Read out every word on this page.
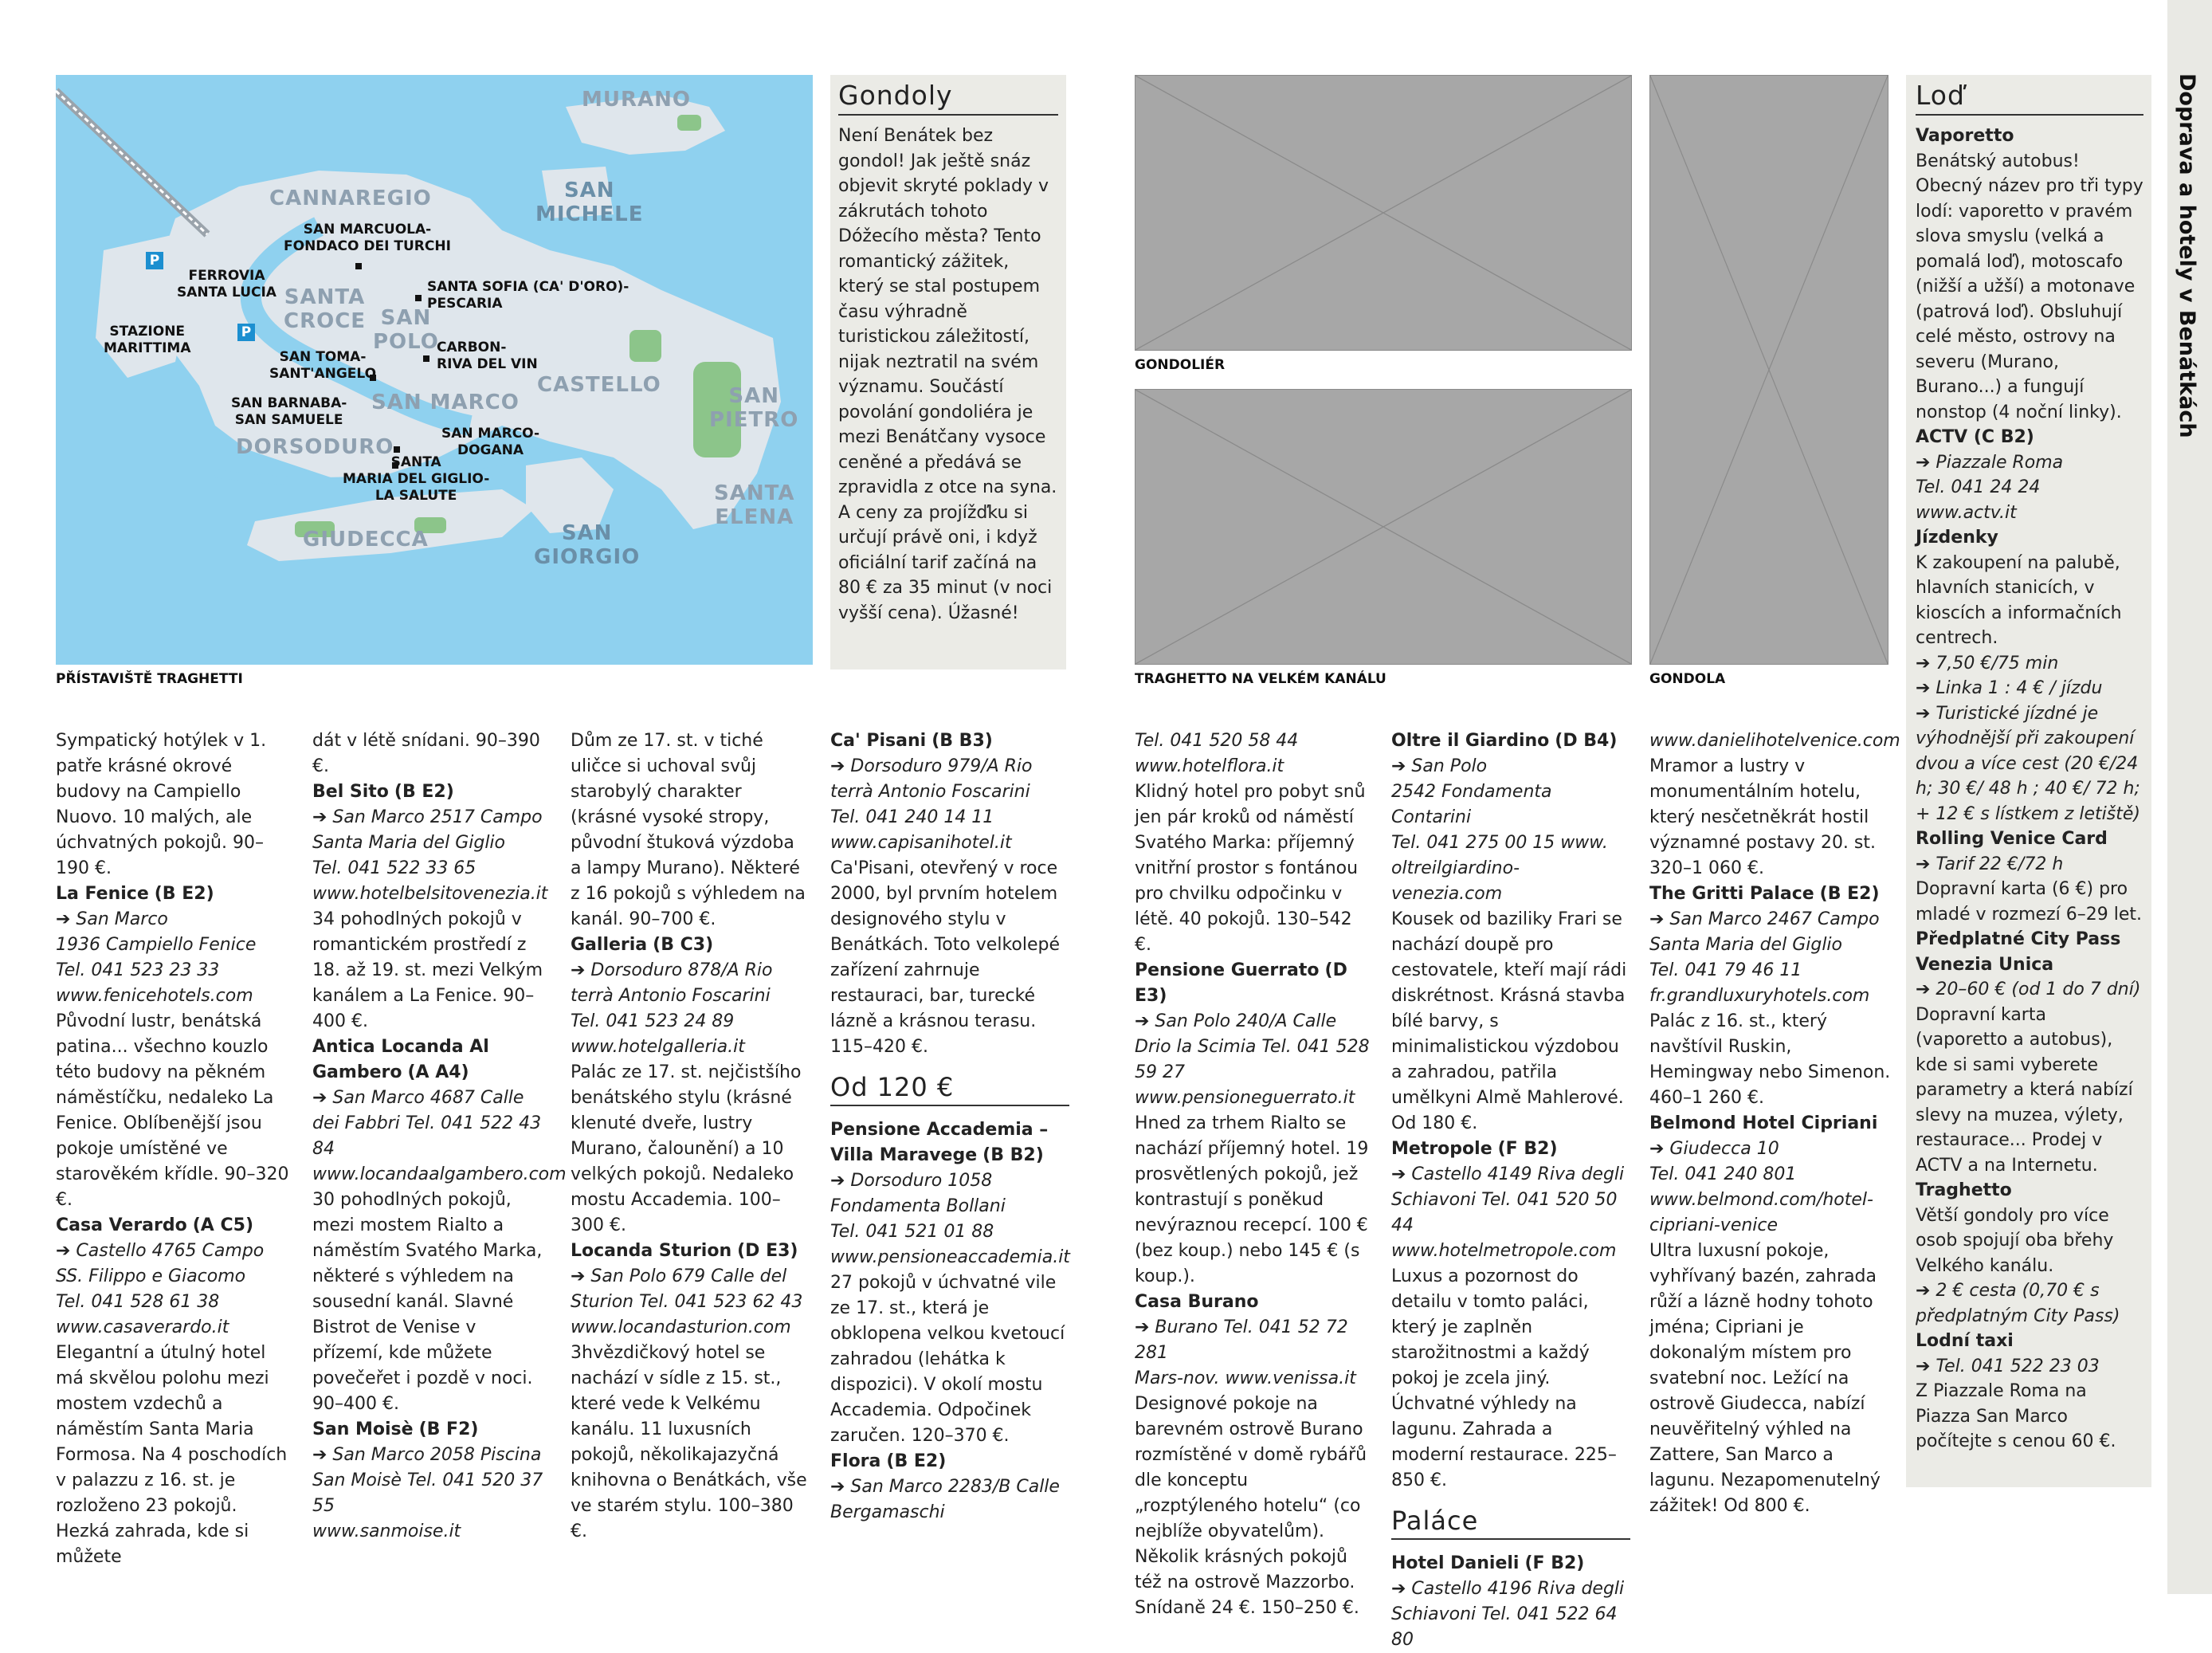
P
P
MURANO
CANNAREGIO	SAN
MICHELE
SANTA
CROCE SAN
POLO
CASTELLO	SAN
PIETRO
SAN MARCO
DORSODURO
SANTA
ELENA
GIUDECCA	SAN
GIORGIO
SAN MARCUOLA-
FONDACO DEI TURCHI
FERROVIA
SANTA LUCIA	SANTA SOFIA (CA' D'ORO)-
PESCARIA
STAZIONE
MARITTIMA	CARBON-
RIVA DEL VIN
SAN TOMA-
SANT'ANGELO
SAN BARNABA-
SAN SAMUELE
SAN MARCO-
DOGANA
SANTA
MARIA DEL GIGLIO-
LA SALUTE
PŘÍSTAVIŠTĚ TRAGHETTI
Gondoly
Není Benátek bez gondol! Jak ještě snáz objevit skryté poklady v zákrutách tohoto Dóžecího města? Tento romantický zážitek, který se stal postupem času výhradně turistickou záležitostí, nijak neztratil na svém významu. Součástí povolání gondoliéra je mezi Benátčany vysoce ceněné a předává se zpravidla z otce na syna. A ceny za projížďku si určují právě oni, i když oficiální tarif začíná na 80 € za 35 minut (v noci vyšší cena). Úžasné!
GONDOLIÉR
TRAGHETTO NA VELKÉM KANÁLU	GONDOLA
Loď
Vaporetto
Benátský autobus! Obecný název pro tři typy lodí: vaporetto v pravém slova smyslu (velká a pomalá loď), motoscafo (nižší a užší) a motonave (patrová loď). Obsluhují celé město, ostrovy na severu (Murano, Burano...) a fungují nonstop (4 noční linky).
ACTV (C B2)
➔ Piazzale Roma
Tel. 041 24 24 www.actv.it
Jízdenky
K zakoupení na palubě, hlavních stanicích, v kioscích a informačních centrech.
➔ 7,50 €/75 min
➔ Linka 1 : 4 € / jízdu
➔ Turistické jízdné je výhodnější při zakoupení dvou a více cest (20 €/24 h; 30 €/ 48 h ; 40 €/ 72 h; + 12 € s lístkem z letiště)
Rolling Venice Card
➔ Tarif 22 €/72 h
Dopravní karta (6 €) pro mladé v rozmezí 6–29 let.
Předplatné City Pass Venezia Unica
➔ 20–60 € (od 1 do 7 dní)
Dopravní karta (vaporetto a autobus), kde si sami vyberete parametry a která nabízí slevy na muzea, výlety, restaurace... Prodej v ACTV a na Internetu.
Traghetto
Větší gondoly pro více osob spojují oba břehy Velkého kanálu.
➔ 2 € cesta (0,70 € s předplatným City Pass)
Lodní taxi
➔ Tel. 041 522 23 03
Z Piazzale Roma na Piazza San Marco počítejte s cenou 60 €.
Doprava a hotely v Benátkách

Sympatický hotýlek v 1. patře krásné okrové budovy na Campiello Nuovo. 10 malých, ale úchvatných pokojů. 90–190 €.

La Fenice (B E2)

➔ San Marco
1936 Campiello Fenice
Tel. 041 523 23 33
www.fenicehotels.com

Původní lustr, benátská patina... všechno kouzlo této budovy na pěkném náměstíčku, nedaleko La Fenice. Oblíbenější jsou pokoje umístěné ve starověkém křídle. 90–320 €.

Casa Verardo (A C5)

➔ Castello 4765 Campo SS. Filippo e Giacomo
Tel. 041 528 61 38
www.casaverardo.it

Elegantní a útulný hotel má skvělou polohu mezi mostem vzdechů a náměstím Santa Maria Formosa. Na 4 poschodích v palazzu z 16. st. je rozloženo 23 pokojů. Hezká zahrada, kde si můžete

dát v létě snídani. 90–390 €.

Bel Sito (B E2)

➔ San Marco 2517 Campo Santa Maria del Giglio
Tel. 041 522 33 65
www.hotelbelsitovenezia.it

34 pohodlných pokojů v romantickém prostředí z 18. až 19. st. mezi Velkým kanálem a La Fenice. 90–400 €.

Antica Locanda Al Gambero (A A4)

➔ San Marco 4687 Calle dei Fabbri Tel. 041 522 43 84
www.locandaalgambero.com

30 pohodlných pokojů, mezi mostem Rialto a náměstím Svatého Marka, některé s výhledem na sousední kanál. Slavné Bistrot de Venise v přízemí, kde můžete povečeřet i pozdě v noci. 90–400 €.

San Moisè (B F2)

➔ San Marco 2058 Piscina San Moisè Tel. 041 520 37 55
www.sanmoise.it

Dům ze 17. st. v tiché uličce si uchoval svůj starobylý charakter (krásné vysoké stropy, původní štuková výzdoba a lampy Murano). Některé z 16 pokojů s výhledem na kanál. 90–700 €.

Galleria (B C3)

➔ Dorsoduro 878/A Rio terrà Antonio Foscarini
Tel. 041 523 24 89
www.hotelgalleria.it

Palác ze 17. st. nejčistšího benátského stylu (krásné klenuté dveře, lustry Murano, čalounění) a 10 velkých pokojů. Nedaleko mostu Accademia. 100–300 €.

Locanda Sturion (D E3)

➔ San Polo 679 Calle del Sturion Tel. 041 523 62 43
www.locandasturion.com

3hvězdičkový hotel se nachází v sídle z 15. st., které vede k Velkému kanálu. 11 luxusních pokojů, několikajazyčná knihovna o Benátkách, vše ve starém stylu. 100–380 €.

Ca' Pisani (B B3)

➔ Dorsoduro 979/A Rio terrà Antonio Foscarini
Tel. 041 240 14 11
www.capisanihotel.it

Ca'Pisani, otevřený v roce 2000, byl prvním hotelem designového stylu v Benátkách. Toto velkolepé zařízení zahrnuje restauraci, bar, turecké lázně a krásnou terasu. 115–420 €.

Od 120 €

Pensione Accademia – Villa Maravege (B B2)

➔ Dorsoduro 1058 Fondamenta Bollani
Tel. 041 521 01 88
www.pensioneaccademia.it

27 pokojů v úchvatné vile ze 17. st., která je obklopena velkou kvetoucí zahradou (lehátka k dispozici). V okolí mostu Accademia. Odpočinek zaručen. 120–370 €.

Flora (B E2)

➔ San Marco 2283/B Calle Bergamaschi

Tel. 041 520 58 44
www.hotelflora.it

Klidný hotel pro pobyt snů jen pár kroků od náměstí Svatého Marka: příjemný vnitřní prostor s fontánou pro chvilku odpočinku v létě. 40 pokojů. 130–542 €.

Pensione Guerrato (D E3)

➔ San Polo 240/A Calle Drio la Scimia Tel. 041 528 59 27
www.pensioneguerrato.it

Hned za trhem Rialto se nachází příjemný hotel. 19 prosvětlených pokojů, jež kontrastují s poněkud nevýraznou recepcí. 100 € (bez koup.) nebo 145 € (s koup.).

Casa Burano

➔ Burano Tel. 041 52 72 281
Mars-nov. www.venissa.it

Designové pokoje na barevném ostrově Burano rozmístěné v domě rybářů dle konceptu „rozptýleného hotelu“ (co nejblíže obyvatelům). Několik krásných pokojů též na ostrově Mazzorbo. Snídaně 24 €. 150–250 €.

Oltre il Giardino (D B4)

➔ San Polo
2542 Fondamenta Contarini
Tel. 041 275 00 15 www.
oltreilgiardino-venezia.com

Kousek od baziliky Frari se nachází doupě pro cestovatele, kteří mají rádi diskrétnost. Krásná stavba bílé barvy, s minimalistickou výzdobou a zahradou, patřila umělkyni Almě Mahlerové. Od 180 €.

Metropole (F B2)

➔ Castello 4149 Riva degli Schiavoni Tel. 041 520 50 44
www.hotelmetropole.com

Luxus a pozornost do detailu v tomto paláci, který je zaplněn starožitnostmi a každý pokoj je zcela jiný. Úchvatné výhledy na lagunu. Zahrada a moderní restaurace. 225–850 €.

Paláce

Hotel Danieli (F B2)

➔ Castello 4196 Riva degli Schiavoni Tel. 041 522 64 80

www.danielihotelvenice.com

Mramor a lustry v monumentálním hotelu, který nesčetněkrát hostil významné postavy 20. st. 320–1 060 €.

The Gritti Palace (B E2)

➔ San Marco 2467 Campo Santa Maria del Giglio
Tel. 041 79 46 11
fr.grandluxuryhotels.com

Palác z 16. st., který navštívil Ruskin, Hemingway nebo Simenon. 460–1 260 €.

Belmond Hotel Cipriani

➔ Giudecca 10
Tel. 041 240 801
www.belmond.com/hotel-cipriani-venice

Ultra luxusní pokoje, vyhřívaný bazén, zahrada růží a lázně hodny tohoto jména; Cipriani je dokonalým místem pro svatební noc. Ležící na ostrově Giudecca, nabízí neuvěřitelný výhled na Zattere, San Marco a lagunu. Nezapomenutelný zážitek! Od 800 €.
